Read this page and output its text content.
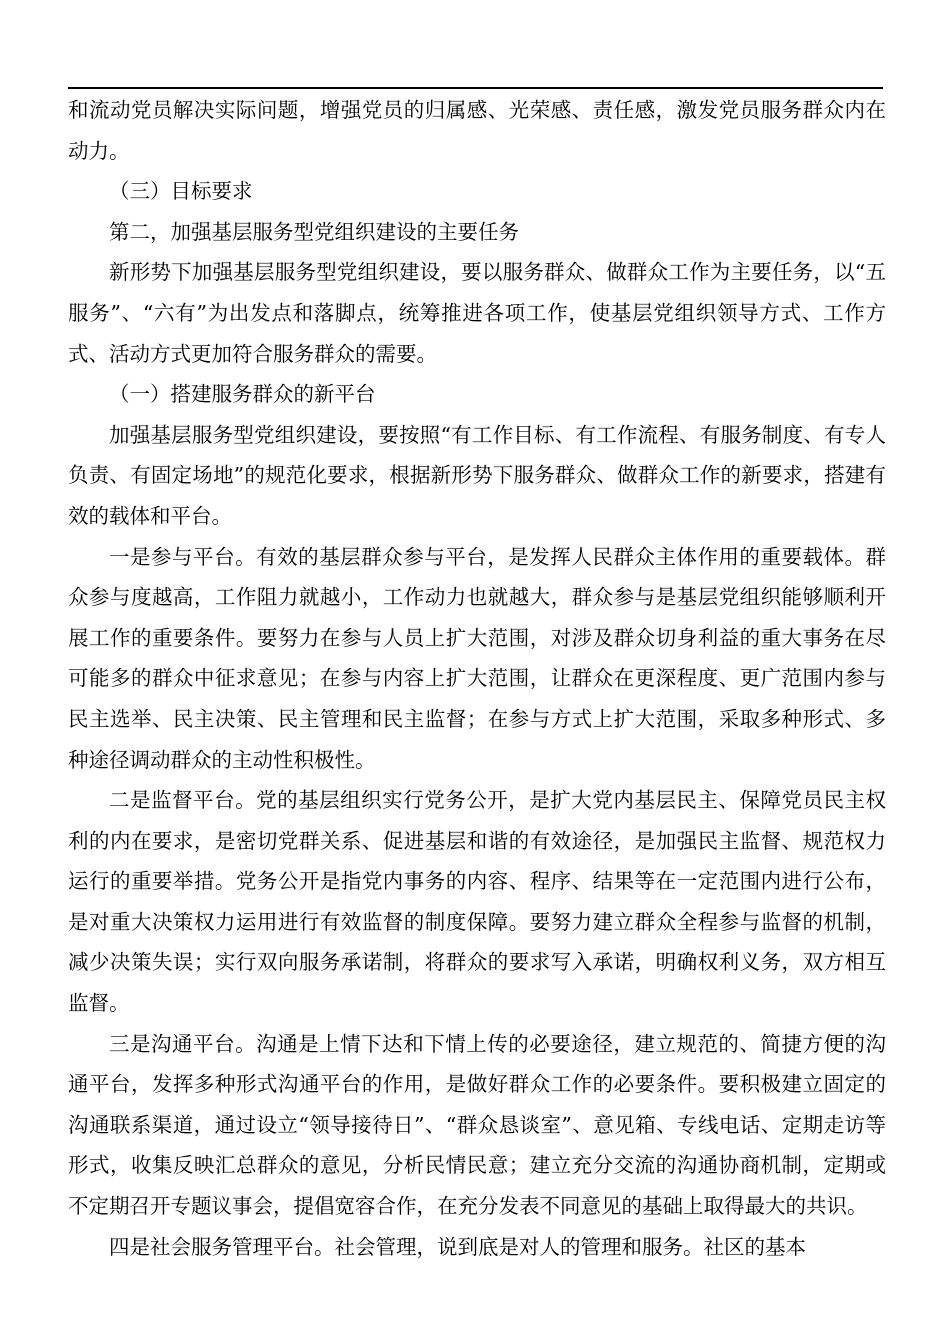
和流动党员解决实际问题，增强党员的归属感、光荣感、责任感，激发党员服务群众内在动力。

（三）目标要求

第二，加强基层服务型党组织建设的主要任务

新形势下加强基层服务型党组织建设，要以服务群众、做群众工作为主要任务，以“五服务”、“六有”为出发点和落脚点，统筹推进各项工作，使基层党组织领导方式、工作方式、活动方式更加符合服务群众的需要。

（一）搭建服务群众的新平台

加强基层服务型党组织建设，要按照“有工作目标、有工作流程、有服务制度、有专人负责、有固定场地”的规范化要求，根据新形势下服务群众、做群众工作的新要求，搭建有效的载体和平台。

一是参与平台。有效的基层群众参与平台，是发挥人民群众主体作用的重要载体。群众参与度越高，工作阻力就越小，工作动力也就越大，群众参与是基层党组织能够顺利开展工作的重要条件。要努力在参与人员上扩大范围，对涉及群众切身利益的重大事务在尽可能多的群众中征求意见；在参与内容上扩大范围，让群众在更深程度、更广范围内参与民主选举、民主决策、民主管理和民主监督；在参与方式上扩大范围，采取多种形式、多种途径调动群众的主动性积极性。

二是监督平台。党的基层组织实行党务公开，是扩大党内基层民主、保障党员民主权利的内在要求，是密切党群关系、促进基层和谐的有效途径，是加强民主监督、规范权力运行的重要举措。党务公开是指党内事务的内容、程序、结果等在一定范围内进行公布，是对重大决策权力运用进行有效监督的制度保障。要努力建立群众全程参与监督的机制，减少决策失误；实行双向服务承诺制，将群众的要求写入承诺，明确权利义务，双方相互监督。

三是沟通平台。沟通是上情下达和下情上传的必要途径，建立规范的、简捷方便的沟通平台，发挥多种形式沟通平台的作用，是做好群众工作的必要条件。要积极建立固定的沟通联系渠道，通过设立“领导接待日”、“群众恳谈室”、意见箱、专线电话、定期走访等形式，收集反映汇总群众的意见，分析民情民意；建立充分交流的沟通协商机制，定期或不定期召开专题议事会，提倡宽容合作，在充分发表不同意见的基础上取得最大的共识。

四是社会服务管理平台。社会管理，说到底是对人的管理和服务。社区的基本
